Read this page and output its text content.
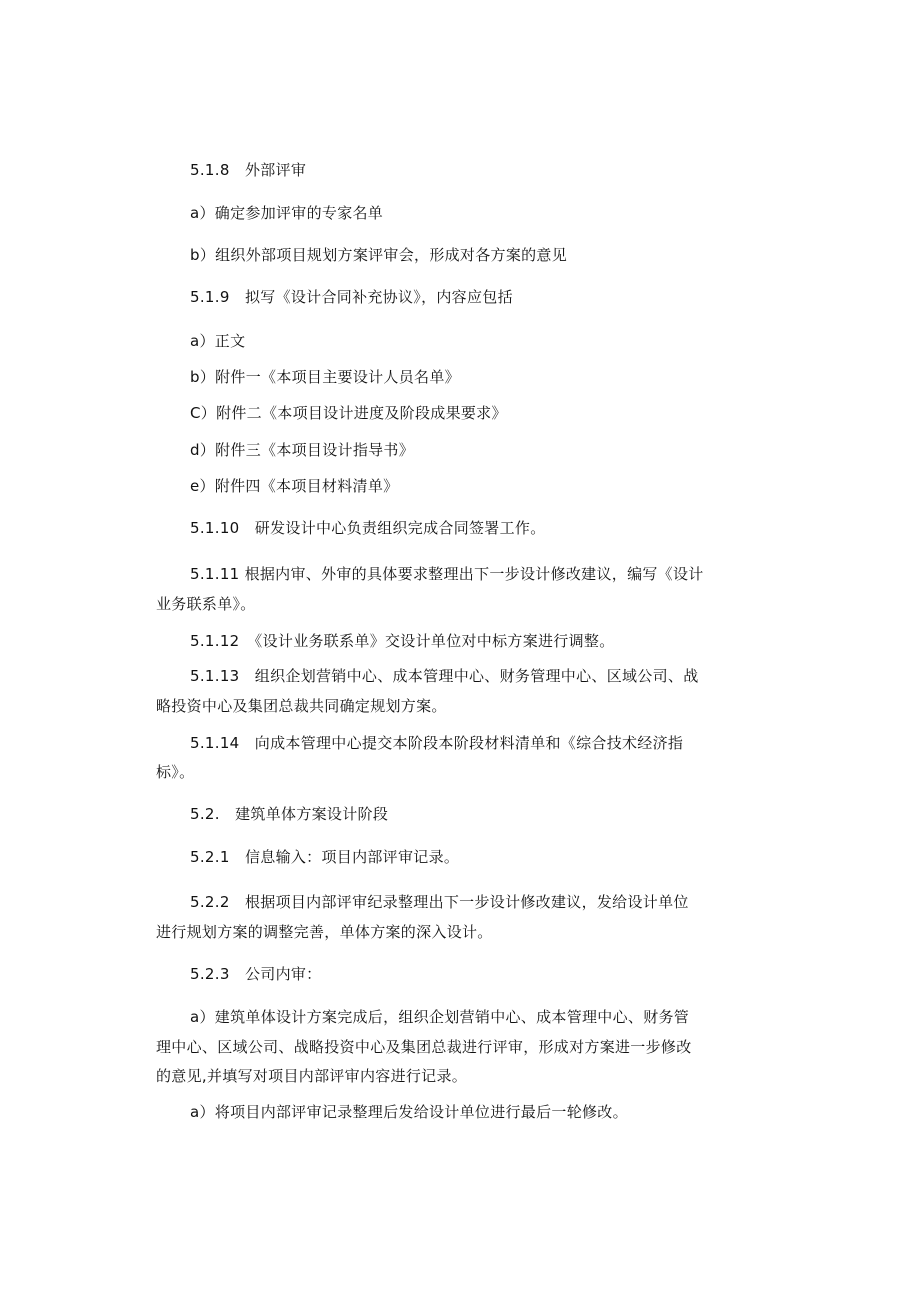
5.1.8　外部评审
a）确定参加评审的专家名单
b）组织外部项目规划方案评审会，形成对各方案的意见
5.1.9　拟写《设计合同补充协议》，内容应包括
a）正文
b）附件一《本项目主要设计人员名单》
C）附件二《本项目设计进度及阶段成果要求》
d）附件三《本项目设计指导书》
e）附件四《本项目材料清单》
5.1.10　研发设计中心负责组织完成合同签署工作。
5.1.11 根据内审、外审的具体要求整理出下一步设计修改建议，编写《设计
业务联系单》。
5.1.12　《设计业务联系单》交设计单位对中标方案进行调整。
5.1.13　组织企划营销中心、成本管理中心、财务管理中心、区域公司、战
略投资中心及集团总裁共同确定规划方案。
5.1.14　向成本管理中心提交本阶段本阶段材料清单和《综合技术经济指
标》。
5.2.　建筑单体方案设计阶段
5.2.1　信息输入：项目内部评审记录。
5.2.2　根据项目内部评审纪录整理出下一步设计修改建议，发给设计单位
进行规划方案的调整完善，单体方案的深入设计。
5.2.3　公司内审：
a）建筑单体设计方案完成后，组织企划营销中心、成本管理中心、财务管
理中心、区域公司、战略投资中心及集团总裁进行评审，形成对方案进一步修改
的意见,并填写对项目内部评审内容进行记录。
a）将项目内部评审记录整理后发给设计单位进行最后一轮修改。
